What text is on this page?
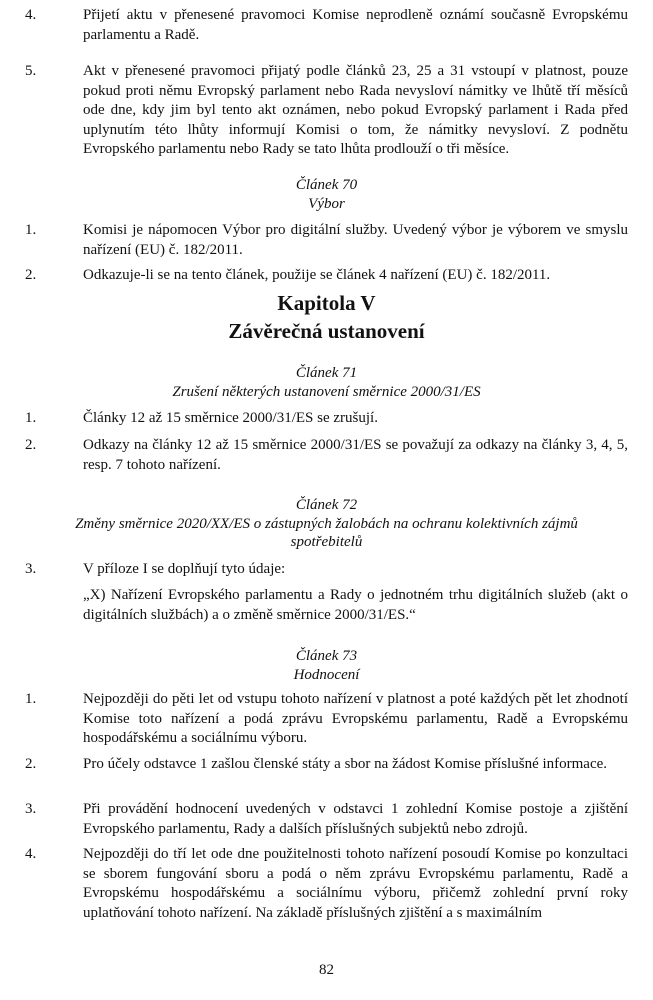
4.	Přijetí aktu v přenesené pravomoci Komise neprodleně oznámí současně Evropskému parlamentu a Radě.
5.	Akt v přenesené pravomoci přijatý podle článků 23, 25 a 31 vstoupí v platnost, pouze pokud proti němu Evropský parlament nebo Rada nevysloví námitky ve lhůtě tří měsíců ode dne, kdy jim byl tento akt oznámen, nebo pokud Evropský parlament i Rada před uplynutím této lhůty informují Komisi o tom, že námitky nevysloví. Z podnětu Evropského parlamentu nebo Rady se tato lhůta prodlouží o tři měsíce.
Článek 70
Výbor
1.	Komisi je nápomocen Výbor pro digitální služby. Uvedený výbor je výborem ve smyslu nařízení (EU) č. 182/2011.
2.	Odkazuje-li se na tento článek, použije se článek 4 nařízení (EU) č. 182/2011.
Kapitola V
Závěrečná ustanovení
Článek 71
Zrušení některých ustanovení směrnice 2000/31/ES
1.	Články 12 až 15 směrnice 2000/31/ES se zrušují.
2.	Odkazy na články 12 až 15 směrnice 2000/31/ES se považují za odkazy na články 3, 4, 5, resp. 7 tohoto nařízení.
Článek 72
Změny směrnice 2020/XX/ES o zástupných žalobách na ochranu kolektivních zájmů spotřebitelů
3.	V příloze I se doplňují tyto údaje:
„X) Nařízení Evropského parlamentu a Rady o jednotném trhu digitálních služeb (akt o digitálních službách) a o změně směrnice 2000/31/ES.“
Článek 73
Hodnocení
1.	Nejpozději do pěti let od vstupu tohoto nařízení v platnost a poté každých pět let zhodnotí Komise toto nařízení a podá zprávu Evropskému parlamentu, Radě a Evropskému hospodářskému a sociálnímu výboru.
2.	Pro účely odstavce 1 zašlou členské státy a sbor na žádost Komise příslušné informace.
3.	Při provádění hodnocení uvedených v odstavci 1 zohlední Komise postoje a zjištění Evropského parlamentu, Rady a dalších příslušných subjektů nebo zdrojů.
4.	Nejpozději do tří let ode dne použitelnosti tohoto nařízení posoudí Komise po konzultaci se sborem fungování sboru a podá o něm zprávu Evropskému parlamentu, Radě a Evropskému hospodářskému a sociálnímu výboru, přičemž zohlední první roky uplatňování tohoto nařízení. Na základě příslušných zjištění a s maximálním
82
